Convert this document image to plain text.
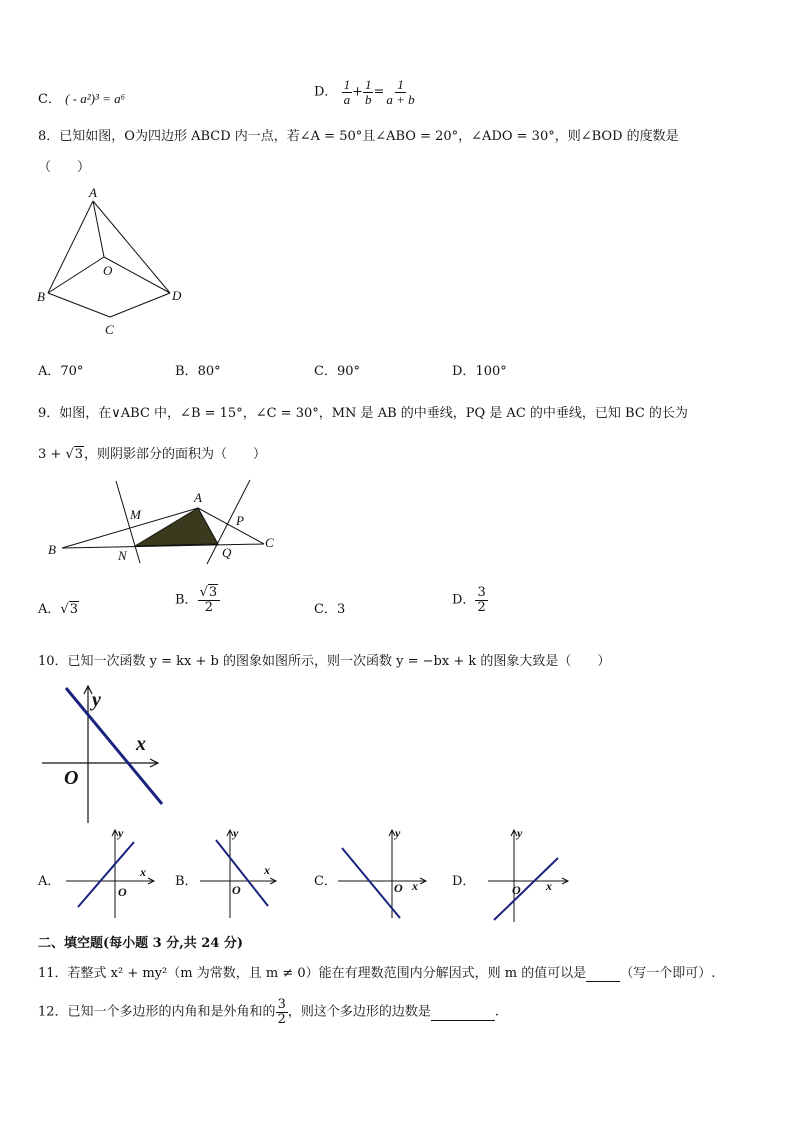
C． ( - a²)³ = a⁶	D． $\frac{1}{a} + \frac{1}{b} = \frac{1}{a + b}$
8．已知如图，O为四边形 ABCD 内一点，若∠A = 50°且∠ABO = 20°，∠ADO = 30°，则∠BOD 的度数是
（　　）
A
O
B	D
C
A．70°	B．80°	C．90°	D．100°
9．如图，在∨ABC 中，∠B = 15°，∠C = 30°，MN 是 AB 的中垂线，PQ 是 AC 的中垂线，已知 BC 的长为
3 + √3，则阴影部分的面积为（　　）
A
M	P
B	N	Q
C
A．√3
B． $\frac{√3}{2}$	C．3
D． $\frac{3}{2}$
10．已知一次函数 y = kx + b 的图象如图所示，则一次函数 y = −bx + k 的图象大致是（　　）
y
x
O
A．
y
x
O
B．
y
x
O
C．
y
x
O	D．
y
x
O
二、填空题(每小题 3 分,共 24 分)
11．若整式 x² + my²（m 为常数，且 m ≠ 0）能在有理数范围内分解因式，则 m 的值可以是	（写一个即可）.
12．已知一个多边形的内角和是外角和的 $\frac{3}{2}$ ，则这个多边形的边数是	.
